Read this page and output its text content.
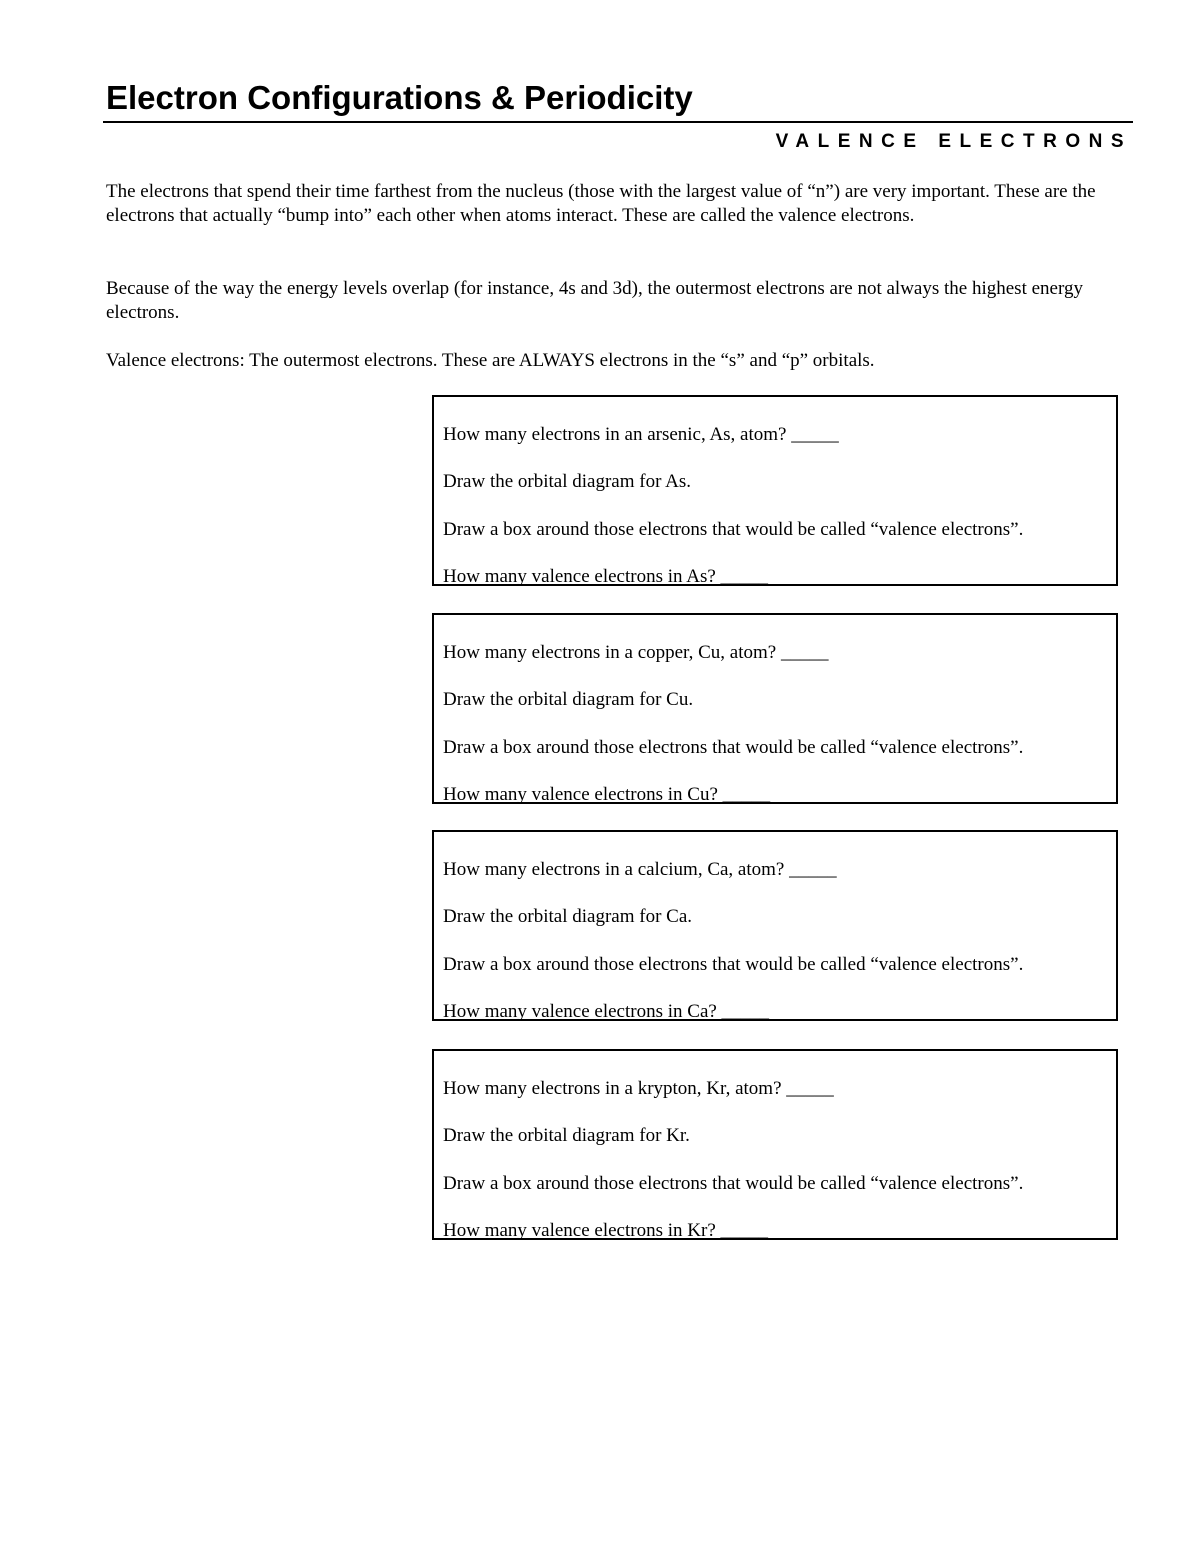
Electron Configurations & Periodicity
VALENCE ELECTRONS

The electrons that spend their time farthest from the nucleus (those with the largest value of “n”) are very important. These are the electrons that actually “bump into” each other when atoms interact. These are called the valence electrons.

Because of the way the energy levels overlap (for instance, 4s and 3d), the outermost electrons are not always the highest energy electrons.

Valence electrons: The outermost electrons. These are ALWAYS electrons in the “s” and “p” orbitals.

How many electrons in an arsenic, As, atom? _____

Draw the orbital diagram for As.

Draw a box around those electrons that would be called “valence electrons”.

How many valence electrons in As? _____

How many electrons in a copper, Cu, atom? _____

Draw the orbital diagram for Cu.

Draw a box around those electrons that would be called “valence electrons”.

How many valence electrons in Cu? _____

How many electrons in a calcium, Ca, atom? _____

Draw the orbital diagram for Ca.

Draw a box around those electrons that would be called “valence electrons”.

How many valence electrons in Ca? _____

How many electrons in a krypton, Kr, atom? _____

Draw the orbital diagram for Kr.

Draw a box around those electrons that would be called “valence electrons”.

How many valence electrons in Kr? _____
